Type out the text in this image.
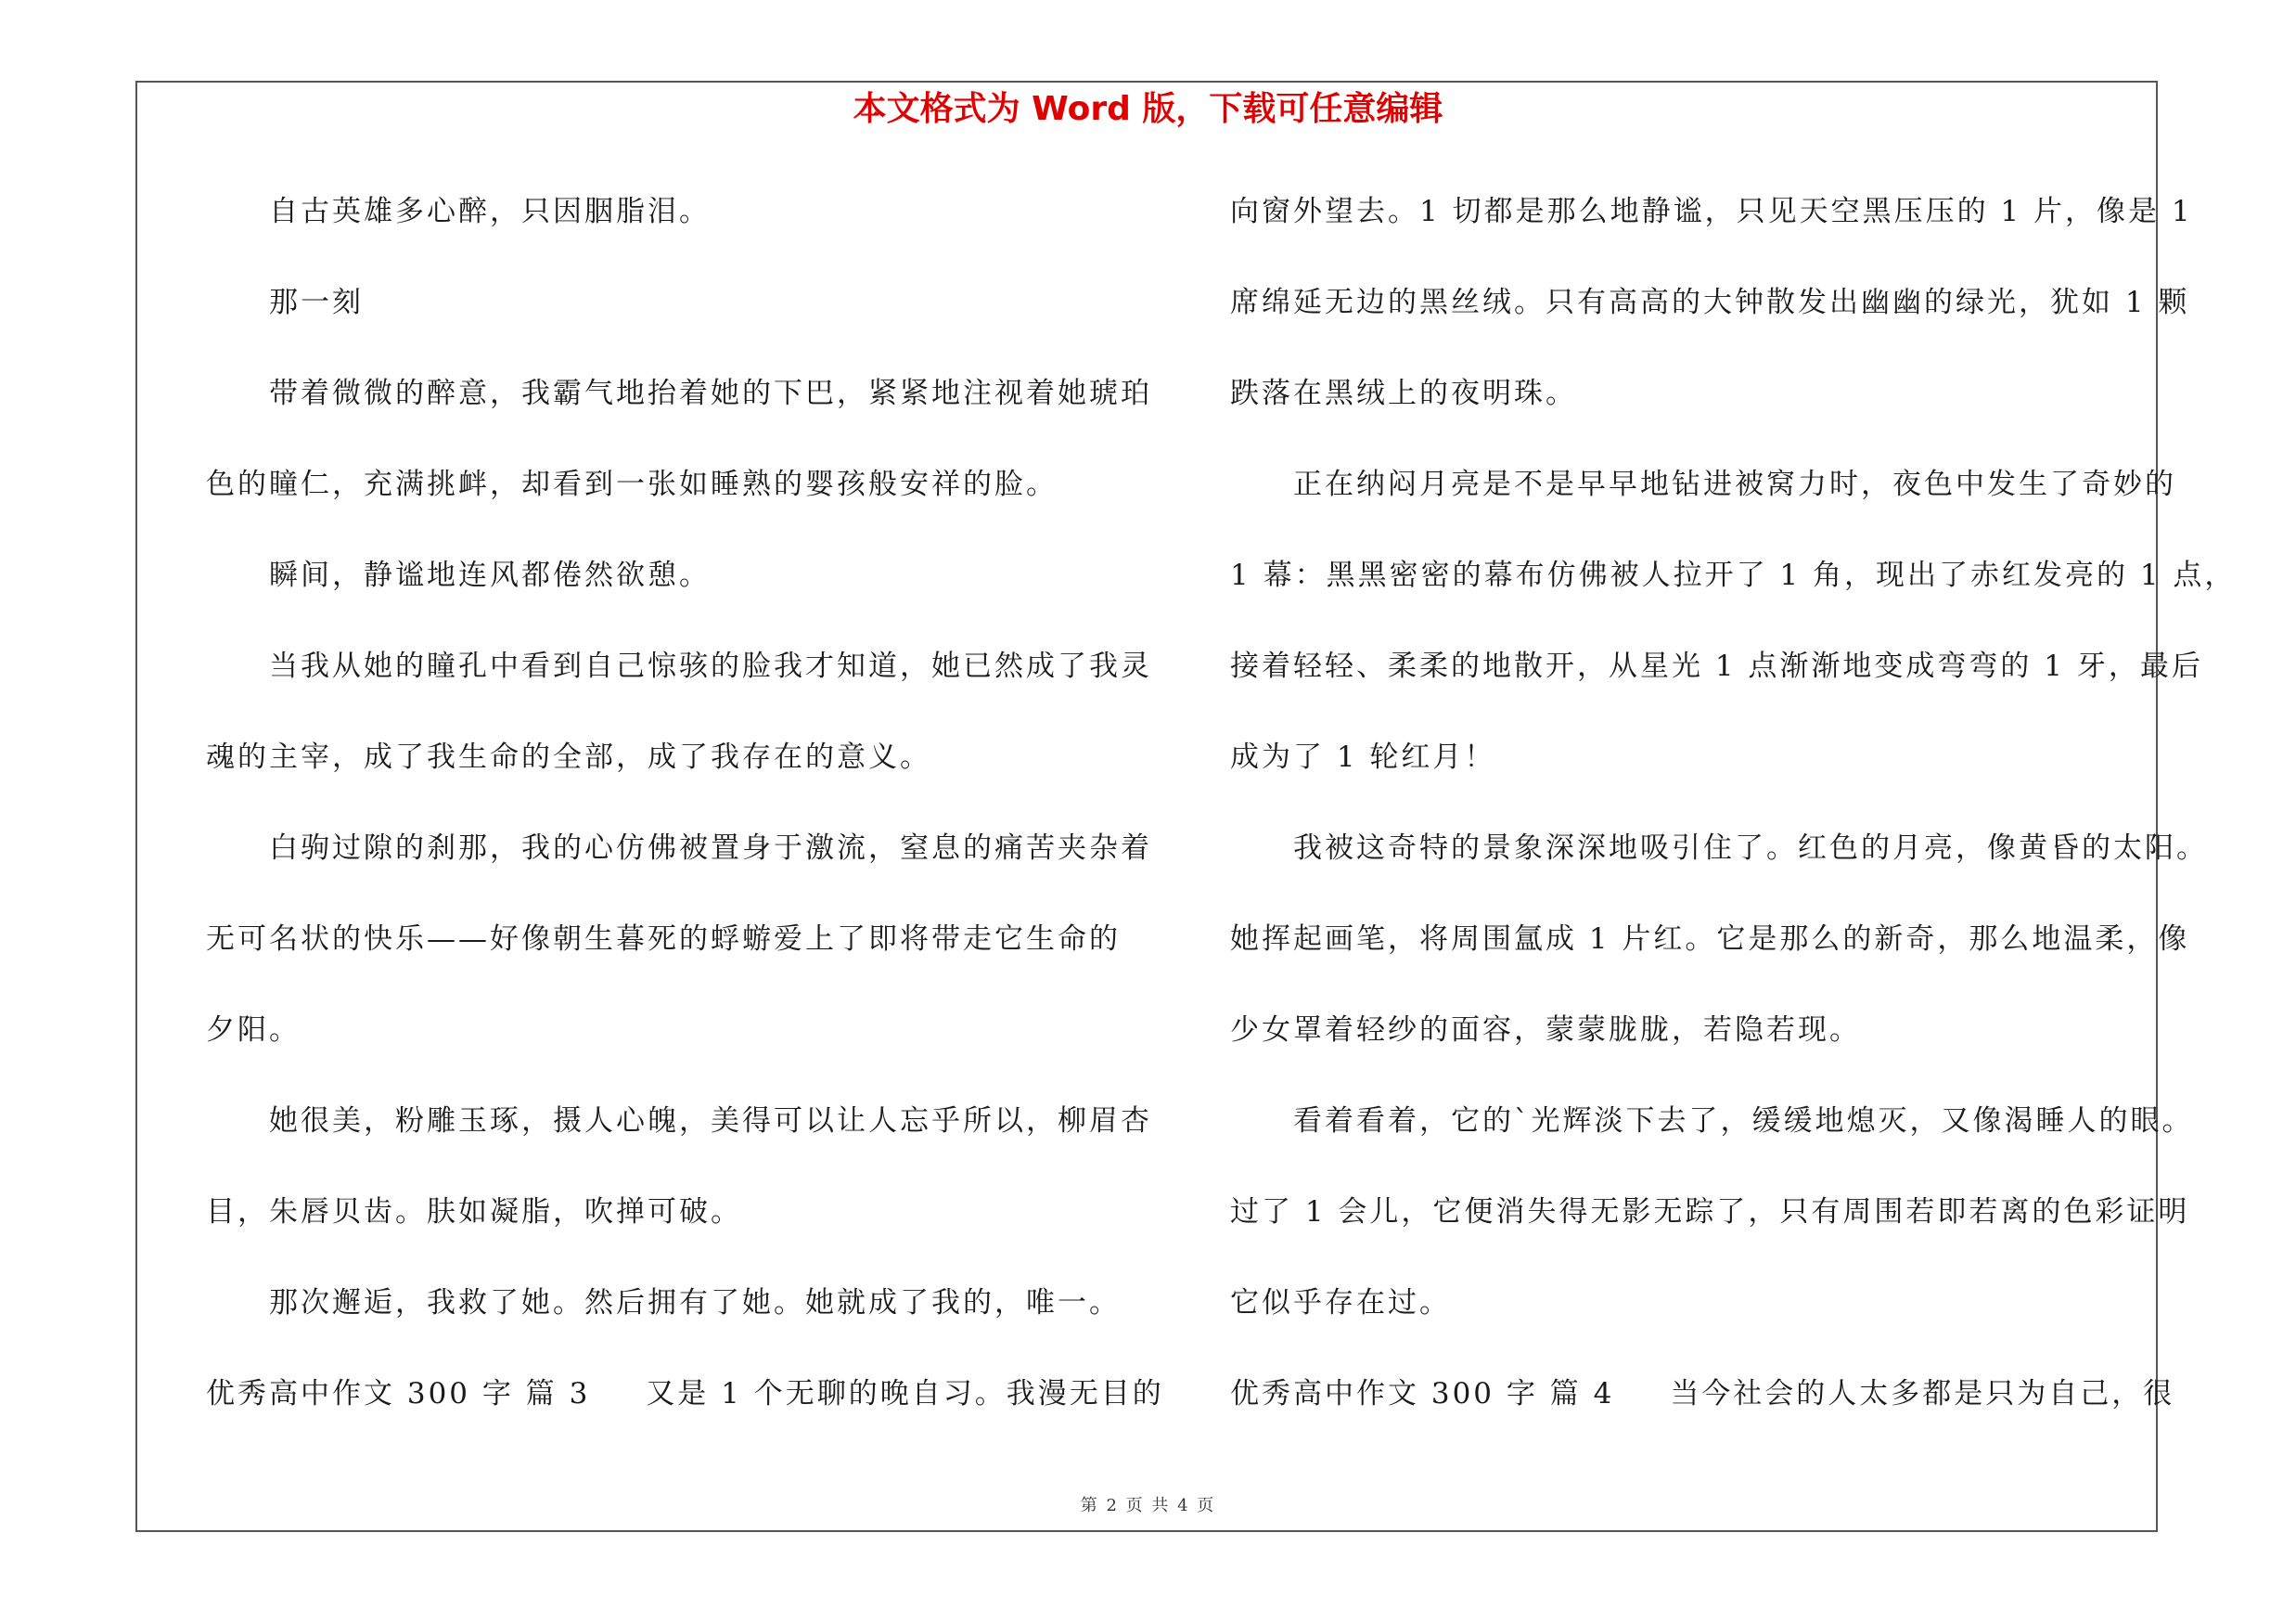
本文格式为 Word 版，下载可任意编辑
自古英雄多心醉，只因胭脂泪。
那一刻
带着微微的醉意，我霸气地抬着她的下巴，紧紧地注视着她琥珀
色的瞳仁，充满挑衅，却看到一张如睡熟的婴孩般安祥的脸。
瞬间，静谧地连风都倦然欲憩。
当我从她的瞳孔中看到自己惊骇的脸我才知道，她已然成了我灵
魂的主宰，成了我生命的全部，成了我存在的意义。
白驹过隙的刹那，我的心仿佛被置身于激流，窒息的痛苦夹杂着
无可名状的快乐——好像朝生暮死的蜉蝣爱上了即将带走它生命的
夕阳。
她很美，粉雕玉琢，摄人心魄，美得可以让人忘乎所以，柳眉杏
目，朱唇贝齿。肤如凝脂，吹掸可破。
那次邂逅，我救了她。然后拥有了她。她就成了我的，唯一。
优秀高中作文 300 字 篇 3 又是 1 个无聊的晚自习。我漫无目的
向窗外望去。1 切都是那么地静谧，只见天空黑压压的 1 片，像是 1
席绵延无边的黑丝绒。只有高高的大钟散发出幽幽的绿光，犹如 1 颗
跌落在黑绒上的夜明珠。
正在纳闷月亮是不是早早地钻进被窝力时，夜色中发生了奇妙的
1 幕：黑黑密密的幕布仿佛被人拉开了 1 角，现出了赤红发亮的 1 点，
接着轻轻、柔柔的地散开，从星光 1 点渐渐地变成弯弯的 1 牙，最后
成为了 1 轮红月！
我被这奇特的景象深深地吸引住了。红色的月亮，像黄昏的太阳。
她挥起画笔，将周围氲成 1 片红。它是那么的新奇，那么地温柔，像
少女罩着轻纱的面容，蒙蒙胧胧，若隐若现。
看着看着，它的`光辉淡下去了，缓缓地熄灭，又像渴睡人的眼。
过了 1 会儿，它便消失得无影无踪了，只有周围若即若离的色彩证明
它似乎存在过。
优秀高中作文 300 字 篇 4 当今社会的人太多都是只为自己，很
第 2 页 共 4 页
